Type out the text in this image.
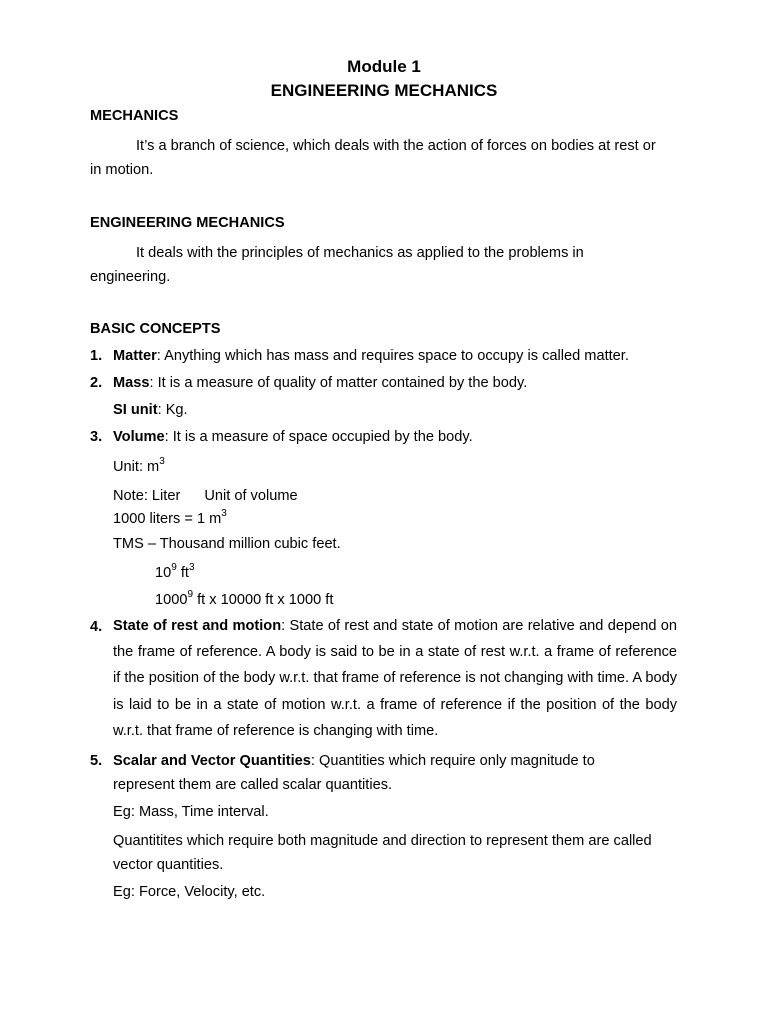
Module 1
ENGINEERING MECHANICS
MECHANICS
It’s a branch of science, which deals with the action of forces on bodies at rest or
in motion.
ENGINEERING MECHANICS
It deals with the principles of mechanics as applied to the problems in
engineering.
BASIC CONCEPTS
1. Matter: Anything which has mass and requires space to occupy is called matter.
2. Mass: It is a measure of quality of matter contained by the body.
SI unit: Kg.
3. Volume: It is a measure of space occupied by the body.
Unit: $m^3$
Note: Liter Unit of volume
1000 liters = 1 $m^3$
TMS – Thousand million cubic feet.
$10^9$ $ft^3$
1000$^9$ ft x 10000 ft x 1000 ft
4. State of rest and motion: State of rest and state of motion are relative and depend on the frame of reference. A body is said to be in a state of rest w.r.t. a frame of reference if the position of the body w.r.t. that frame of reference is not changing with time. A body is laid to be in a state of motion w.r.t. a frame of reference if the position of the body w.r.t. that frame of reference is changing with time.
5. Scalar and Vector Quantities: Quantities which require only magnitude to
represent them are called scalar quantities.
Eg: Mass, Time interval.
Quantitites which require both magnitude and direction to represent them are called
vector quantities.
Eg: Force, Velocity, etc.
